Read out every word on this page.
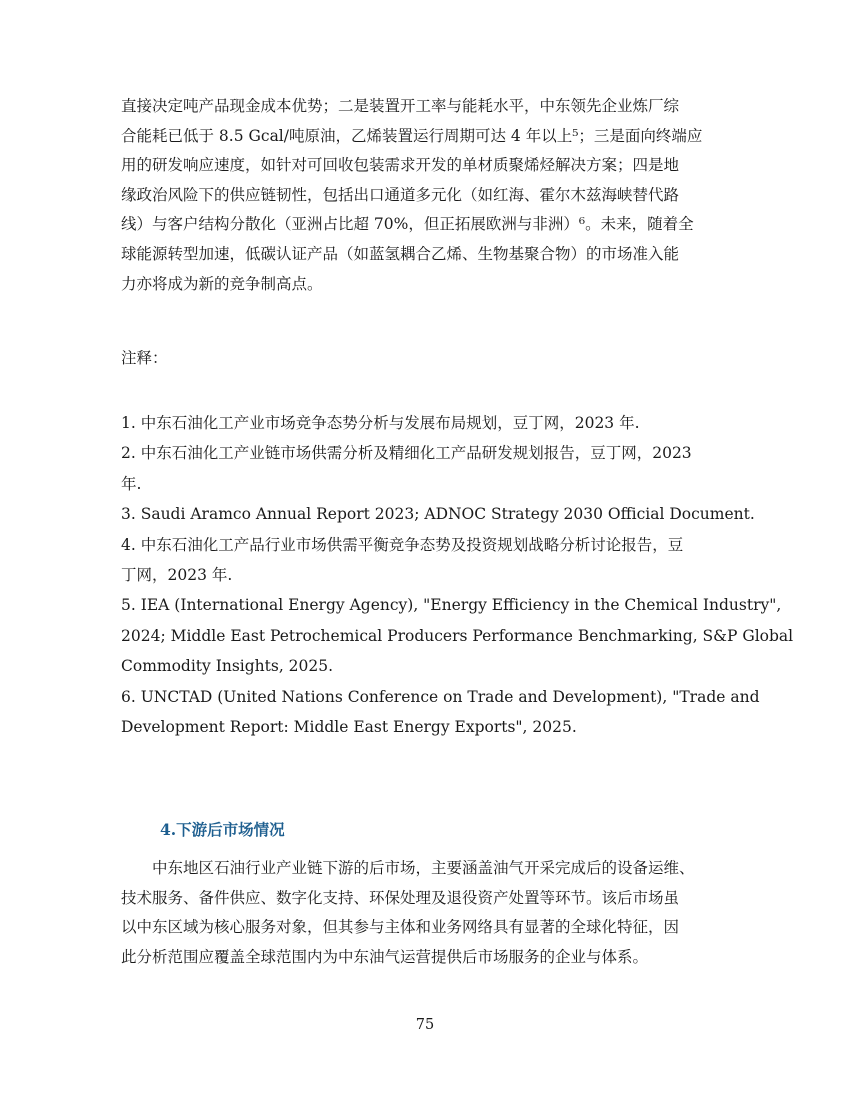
直接决定吨产品现金成本优势；二是装置开工率与能耗水平，中东领先企业炼厂综
合能耗已低于 8.5 Gcal/吨原油，乙烯装置运行周期可达 4 年以上⁵；三是面向终端应
用的研发响应速度，如针对可回收包装需求开发的单材质聚烯烃解决方案；四是地
缘政治风险下的供应链韧性，包括出口通道多元化（如红海、霍尔木兹海峡替代路
线）与客户结构分散化（亚洲占比超 70%，但正拓展欧洲与非洲）⁶。未来，随着全
球能源转型加速，低碳认证产品（如蓝氢耦合乙烯、生物基聚合物）的市场准入能
力亦将成为新的竞争制高点。

注释：

1. 中东石油化工产业市场竞争态势分析与发展布局规划，豆丁网，2023 年.
2. 中东石油化工产业链市场供需分析及精细化工产品研发规划报告，豆丁网，2023
年.
3. Saudi Aramco Annual Report 2023; ADNOC Strategy 2030 Official Document.
4. 中东石油化工产品行业市场供需平衡竞争态势及投资规划战略分析讨论报告，豆
丁网，2023 年.
5. IEA (International Energy Agency), "Energy Efficiency in the Chemical Industry",
2024; Middle East Petrochemical Producers Performance Benchmarking, S&P Global
Commodity Insights, 2025.
6. UNCTAD (United Nations Conference on Trade and Development), "Trade and
Development Report: Middle East Energy Exports", 2025.
4.下游后市场情况
中东地区石油行业产业链下游的后市场，主要涵盖油气开采完成后的设备运维、
技术服务、备件供应、数字化支持、环保处理及退役资产处置等环节。该后市场虽
以中东区域为核心服务对象，但其参与主体和业务网络具有显著的全球化特征，因
此分析范围应覆盖全球范围内为中东油气运营提供后市场服务的企业与体系。
75
